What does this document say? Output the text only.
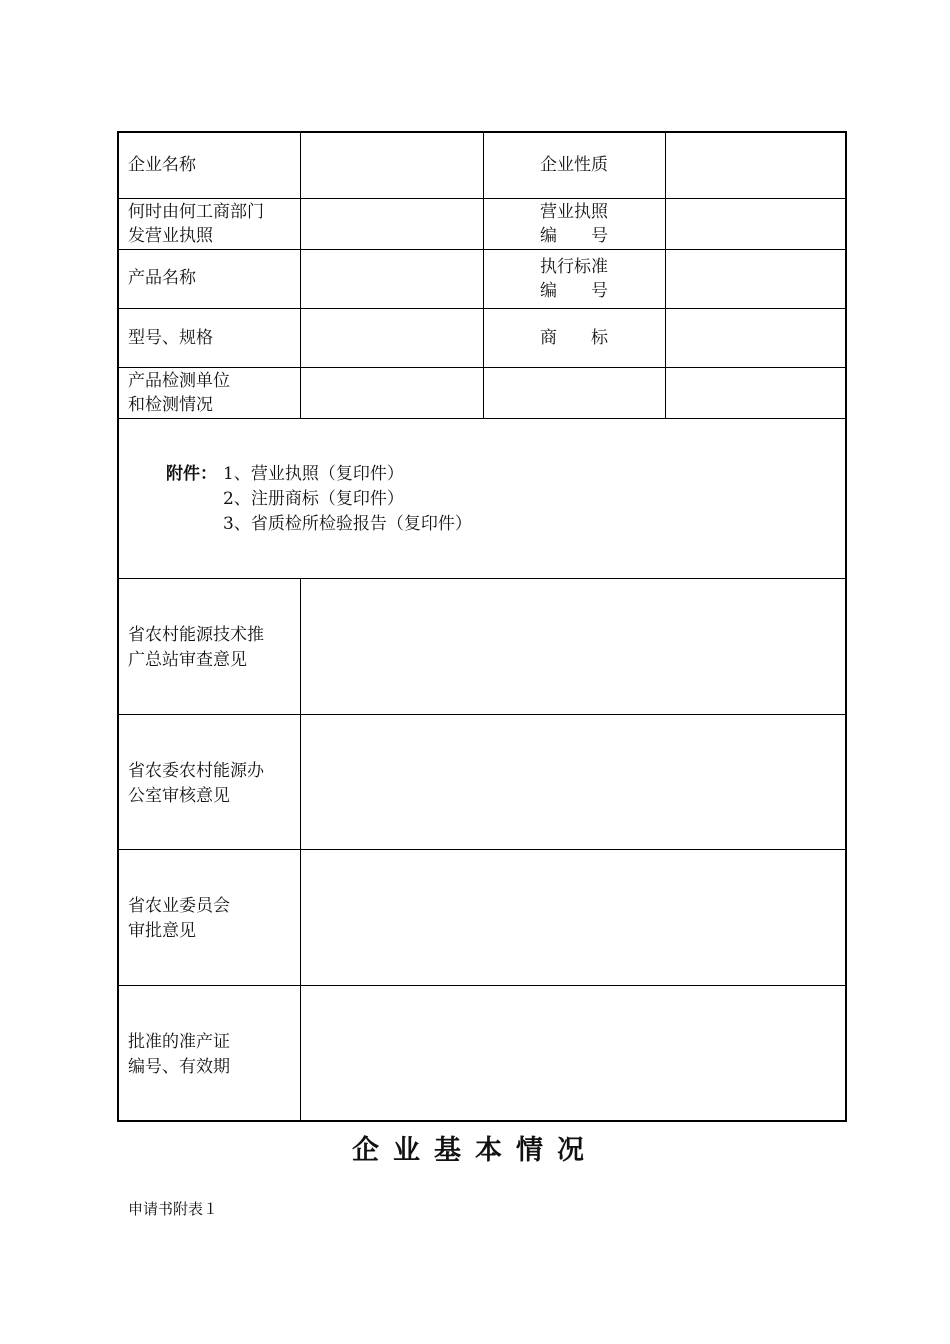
企业名称	企业性质
何时由何工商部门
发营业执照
营业执照
编　　号
产品名称
执行标准
编　　号
型号、规格	商　　标
产品检测单位
和检测情况
附件： 1、营业执照（复印件）
2、注册商标（复印件）
3、省质检所检验报告（复印件）
省农村能源技术推
广总站审查意见
省农委农村能源办
公室审核意见
省农业委员会
审批意见
批准的准产证
编号、有效期
企业基本情况
申请书附表１
